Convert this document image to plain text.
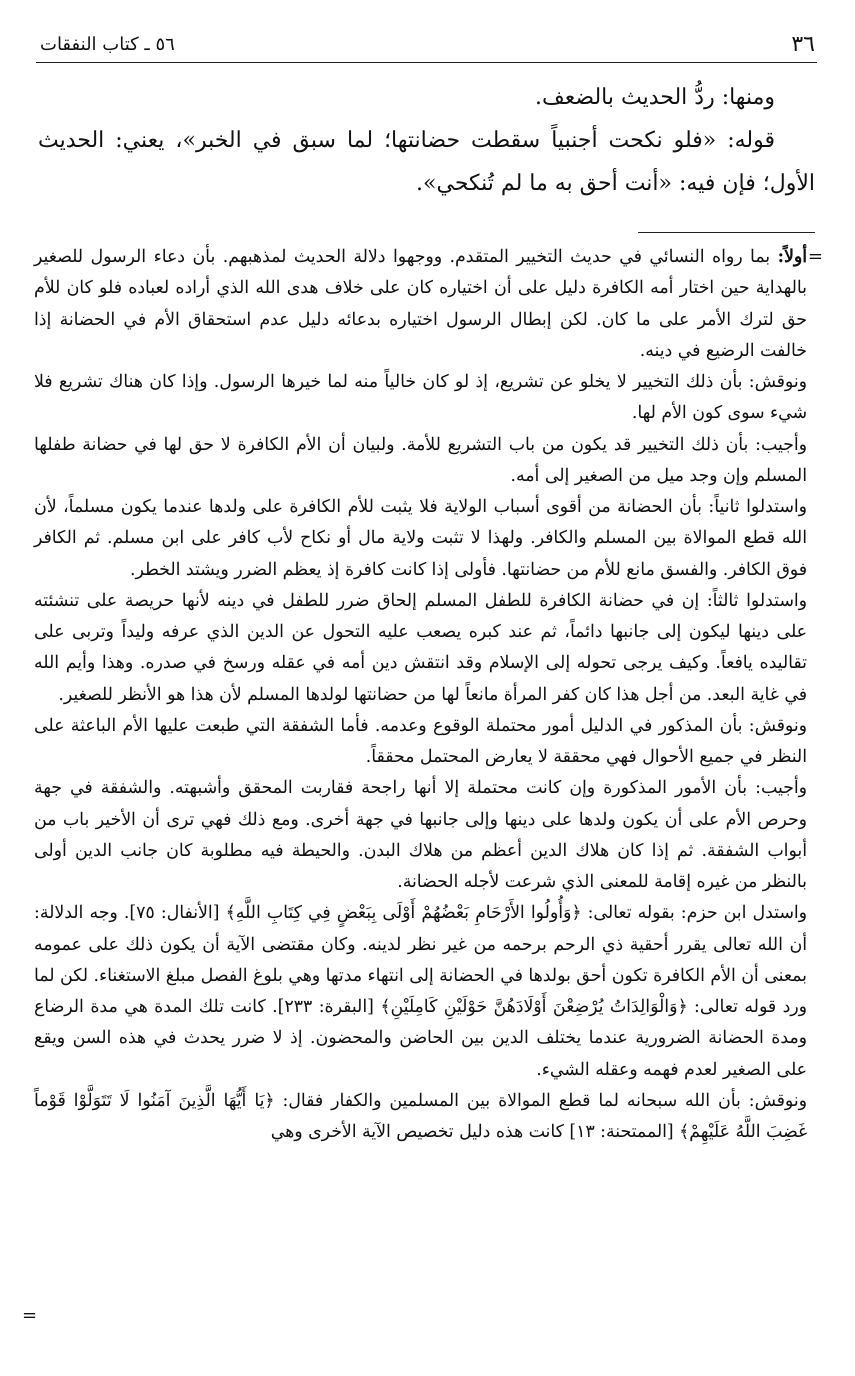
٣٦
٥٦ ـ كتاب النفقات

ومنها: ردُّ الحديث بالضعف.

قوله: «فلو نكحت أجنبياً سقطت حضانتها؛ لما سبق في الخبر»، يعني: الحديث الأول؛ فإن فيه: «أنت أحق به ما لم تُنكحي».

=

أولاً: بما رواه النسائي في حديث التخيير المتقدم. ووجهوا دلالة الحديث لمذهبهم. بأن دعاء الرسول للصغير بالهداية حين اختار أمه الكافرة دليل على أن اختياره كان على خلاف هدى الله الذي أراده لعباده فلو كان للأم حق لترك الأمر على ما كان. لكن إبطال الرسول اختياره بدعائه دليل عدم استحقاق الأم في الحضانة إذا خالفت الرضيع في دينه.

ونوقش: بأن ذلك التخيير لا يخلو عن تشريع، إذ لو كان خالياً منه لما خيرها الرسول. وإذا كان هناك تشريع فلا شيء سوى كون الأم لها.

وأجيب: بأن ذلك التخيير قد يكون من باب التشريع للأمة. ولبيان أن الأم الكافرة لا حق لها في حضانة طفلها المسلم وإن وجد ميل من الصغير إلى أمه.

واستدلوا ثانياً: بأن الحضانة من أقوى أسباب الولاية فلا يثبت للأم الكافرة على ولدها عندما يكون مسلماً، لأن الله قطع الموالاة بين المسلم والكافر. ولهذا لا تثبت ولاية مال أو نكاح لأب كافر على ابن مسلم. ثم الكافر فوق الكافر. والفسق مانع للأم من حضانتها. فأولى إذا كانت كافرة إذ يعظم الضرر ويشتد الخطر.

واستدلوا ثالثاً: إن في حضانة الكافرة للطفل المسلم إلحاق ضرر للطفل في دينه لأنها حريصة على تنشئته على دينها ليكون إلى جانبها دائماً، ثم عند كبره يصعب عليه التحول عن الدين الذي عرفه وليداً وتربى على تقاليده يافعاً. وكيف يرجى تحوله إلى الإسلام وقد انتقش دين أمه في عقله ورسخ في صدره. وهذا وأيم الله في غاية البعد. من أجل هذا كان كفر المرأة مانعاً لها من حضانتها لولدها المسلم لأن هذا هو الأنظر للصغير.

ونوقش: بأن المذكور في الدليل أمور محتملة الوقوع وعدمه. فأما الشفقة التي طبعت عليها الأم الباعثة على النظر في جميع الأحوال فهي محققة لا يعارض المحتمل محققاً.

وأجيب: بأن الأمور المذكورة وإن كانت محتملة إلا أنها راجحة فقاربت المحقق وأشبهته. والشفقة في جهة وحرص الأم على أن يكون ولدها على دينها وإلى جانبها في جهة أخرى. ومع ذلك فهي ترى أن الأخير باب من أبواب الشفقة. ثم إذا كان هلاك الدين أعظم من هلاك البدن. والحيطة فيه مطلوبة كان جانب الدين أولى بالنظر من غيره إقامة للمعنى الذي شرعت لأجله الحضانة.

واستدل ابن حزم: بقوله تعالى: ﴿وَأُولُوا الأَرْحَامِ بَعْضُهُمْ أَوْلَى بِبَعْضٍ فِي كِتَابِ اللَّهِ﴾ [الأنفال: ٧٥]. وجه الدلالة: أن الله تعالى يقرر أحقية ذي الرحم برحمه من غير نظر لدينه. وكان مقتضى الآية أن يكون ذلك على عمومه بمعنى أن الأم الكافرة تكون أحق بولدها في الحضانة إلى انتهاء مدتها وهي بلوغ الفصل مبلغ الاستغناء. لكن لما ورد قوله تعالى: ﴿وَالْوَالِدَاتُ يُرْضِعْنَ أَوْلَادَهُنَّ حَوْلَيْنِ كَامِلَيْنِ﴾ [البقرة: ٢٣٣]. كانت تلك المدة هي مدة الرضاع ومدة الحضانة الضرورية عندما يختلف الدين بين الحاضن والمحضون. إذ لا ضرر يحدث في هذه السن ويقع على الصغير لعدم فهمه وعقله الشيء.

ونوقش: بأن الله سبحانه لما قطع الموالاة بين المسلمين والكفار فقال: ﴿يَا أَيُّهَا الَّذِينَ آمَنُوا لَا تَتَوَلَّوْا قَوْماً غَضِبَ اللَّهُ عَلَيْهِمْ﴾ [الممتحنة: ١٣] كانت هذه دليل تخصيص الآية الأخرى وهي

=
